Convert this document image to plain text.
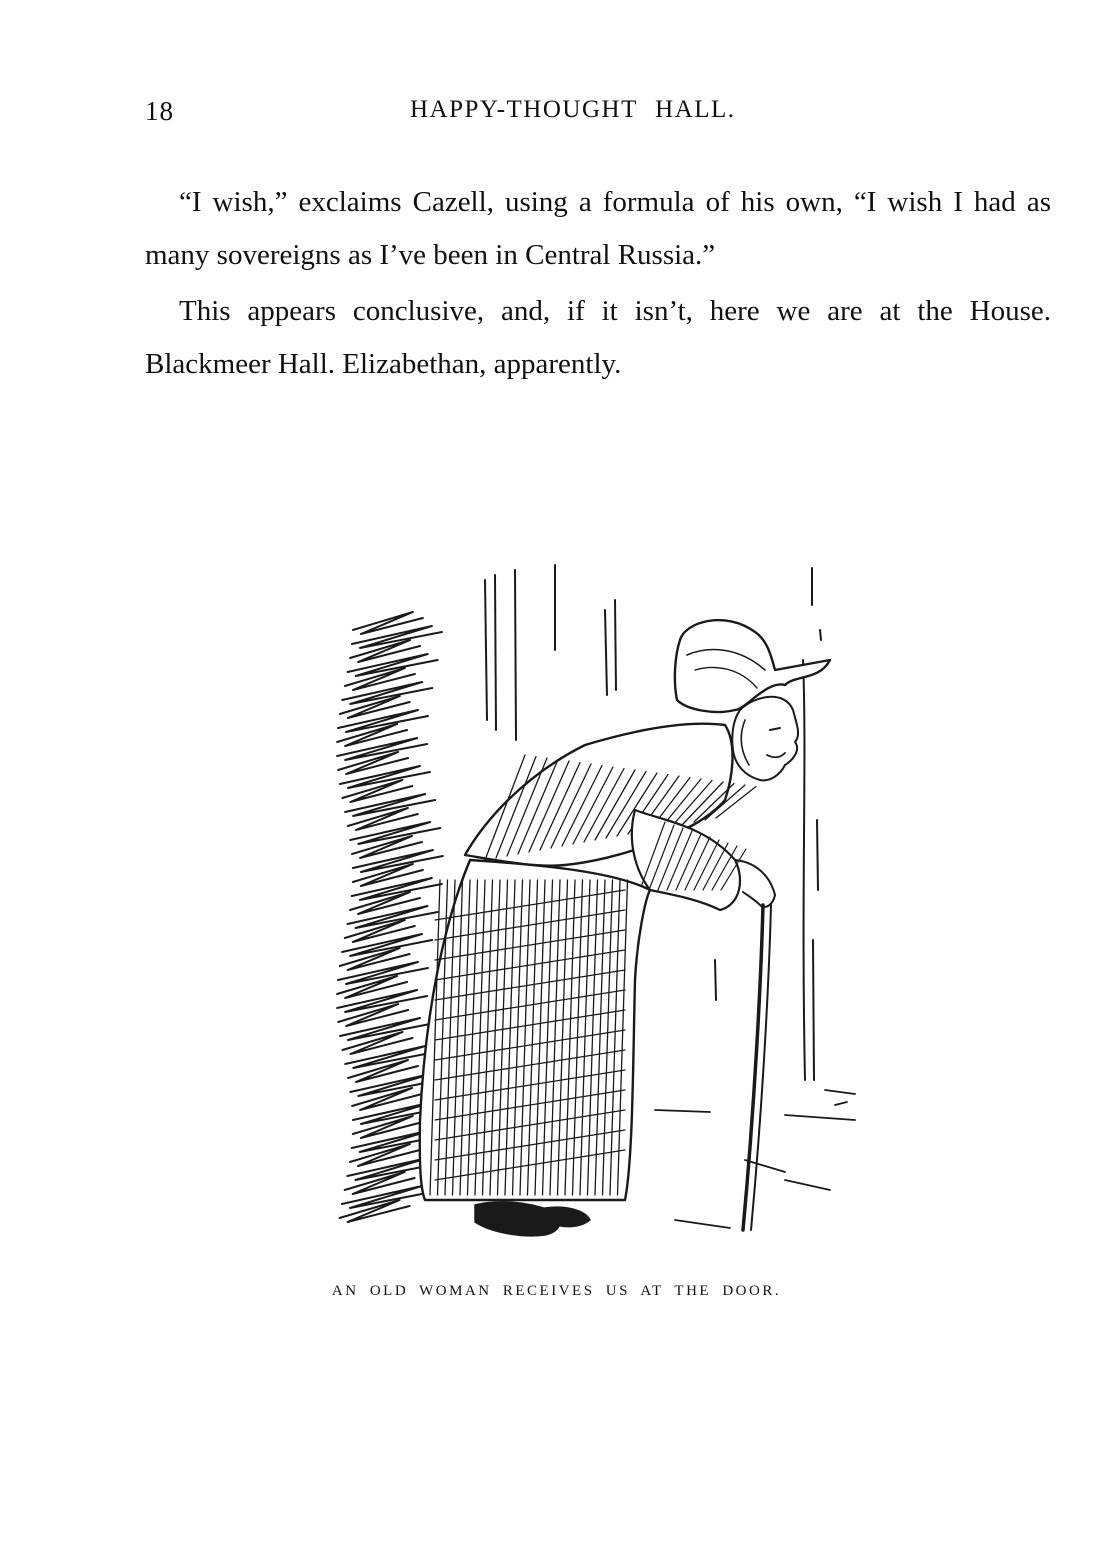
18	HAPPY-THOUGHT HALL.

“I wish,” exclaims Cazell, using a formula of his own, “I wish I had as many sovereigns as I’ve been in Central Russia.”

This appears conclusive, and, if it isn’t, here we are at the House. Blackmeer Hall. Elizabethan, apparently.

AN OLD WOMAN RECEIVES US AT THE DOOR.
